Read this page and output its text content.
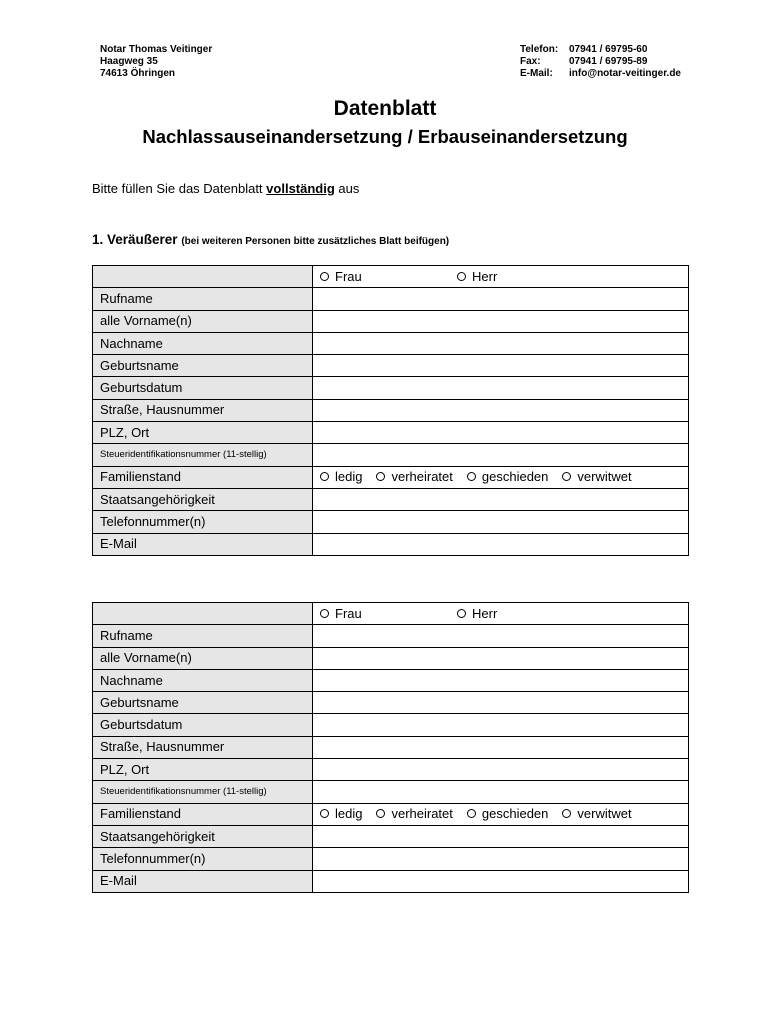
Notar Thomas Veitinger
Haagweg 35
74613 Öhringen
Telefon:	07941 / 69795-60
Fax:	07941 / 69795-89
E-Mail:	info@notar-veitinger.de
Datenblatt
Nachlassauseinandersetzung / Erbauseinandersetzung
Bitte füllen Sie das Datenblatt vollständig aus
1. Veräußerer (bei weiteren Personen bitte zusätzliches Blatt beifügen)
	Frau Herr
Rufname	
alle Vorname(n)	
Nachname	
Geburtsname	
Geburtsdatum	
Straße, Hausnummer	
PLZ, Ort	
Steueridentifikationsnummer (11-stellig)	
Familienstand	ledig verheiratet geschieden verwitwet
Staatsangehörigkeit	
Telefonnummer(n)	
E-Mail	
	Frau Herr
Rufname	
alle Vorname(n)	
Nachname	
Geburtsname	
Geburtsdatum	
Straße, Hausnummer	
PLZ, Ort	
Steueridentifikationsnummer (11-stellig)	
Familienstand	ledig verheiratet geschieden verwitwet
Staatsangehörigkeit	
Telefonnummer(n)	
E-Mail	
